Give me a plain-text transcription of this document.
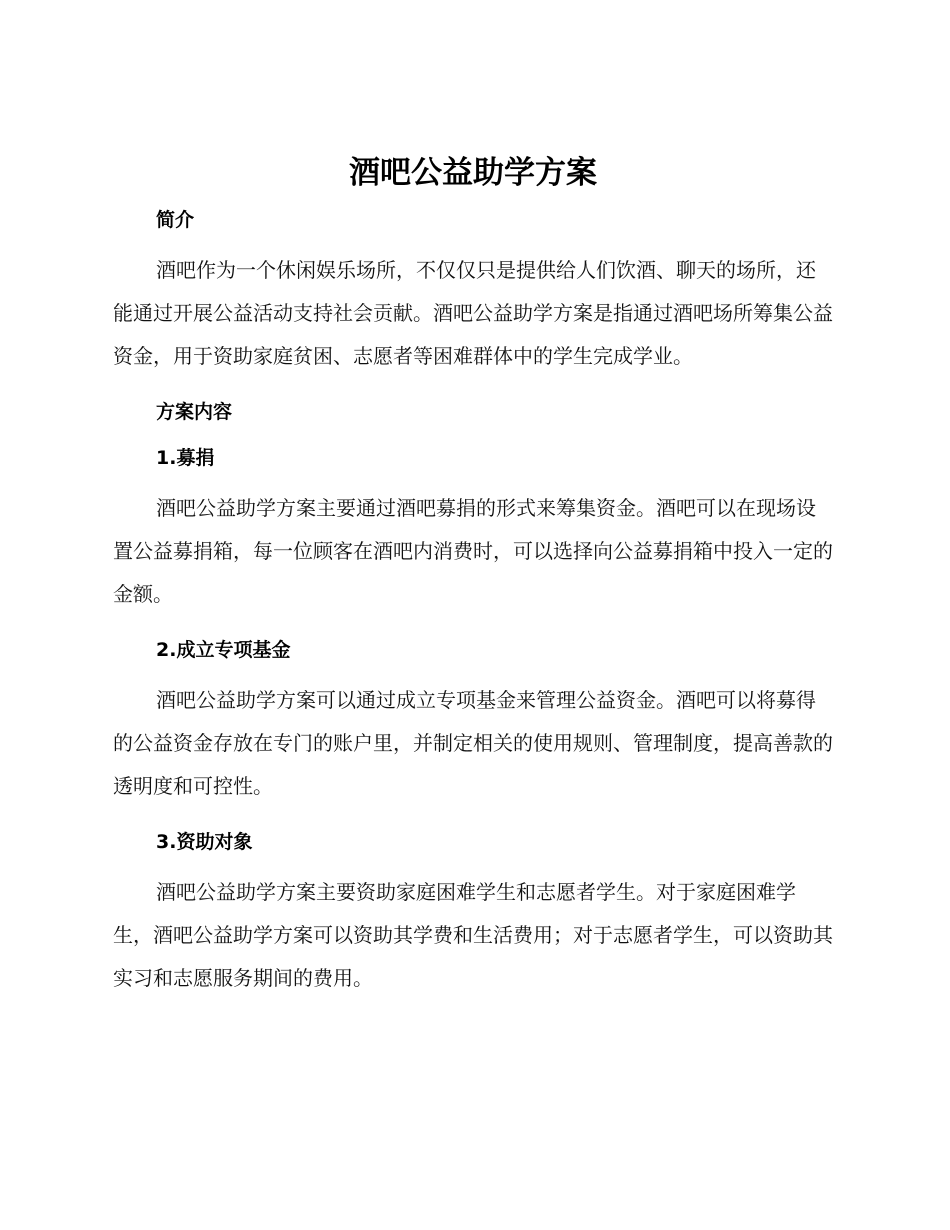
酒吧公益助学方案
简介

酒吧作为一个休闲娱乐场所，不仅仅只是提供给人们饮酒、聊天的场所，还能通过开展公益活动支持社会贡献。酒吧公益助学方案是指通过酒吧场所筹集公益资金，用于资助家庭贫困、志愿者等困难群体中的学生完成学业。

方案内容
1.募捐

酒吧公益助学方案主要通过酒吧募捐的形式来筹集资金。酒吧可以在现场设置公益募捐箱，每一位顾客在酒吧内消费时，可以选择向公益募捐箱中投入一定的金额。

2.成立专项基金

酒吧公益助学方案可以通过成立专项基金来管理公益资金。酒吧可以将募得的公益资金存放在专门的账户里，并制定相关的使用规则、管理制度，提高善款的透明度和可控性。

3.资助对象

酒吧公益助学方案主要资助家庭困难学生和志愿者学生。对于家庭困难学生，酒吧公益助学方案可以资助其学费和生活费用；对于志愿者学生，可以资助其实习和志愿服务期间的费用。
